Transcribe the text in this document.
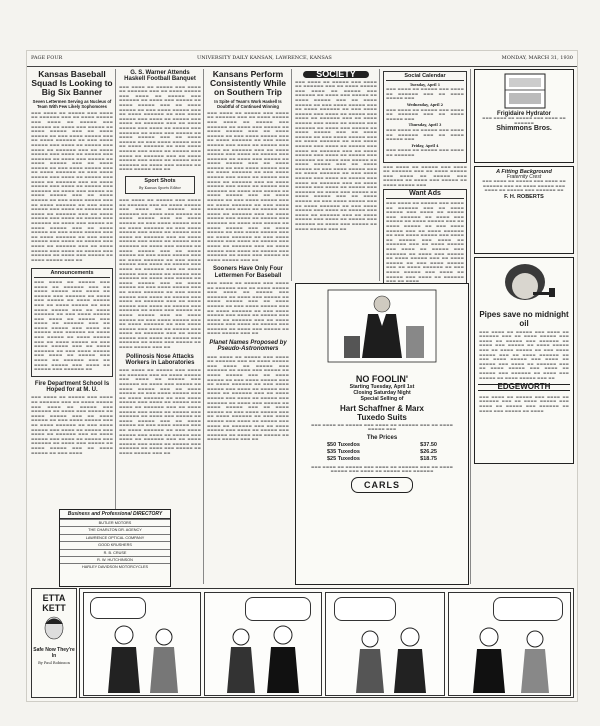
PAGE FOUR	UNIVERSITY DAILY KANSAN, LAWRENCE, KANSAS	MONDAY, MARCH 31, 1930
Kansas Baseball Squad Is Looking to Big Six Banner
Seven Lettermen Serving as Nucleus of Team With Few Likely Sophomores

▬▬▬ ▬▬▬▬ ▬▬ ▬▬▬▬▬ ▬▬▬ ▬▬▬▬ ▬▬ ▬▬▬▬▬▬ ▬▬▬ ▬▬ ▬▬▬▬ ▬▬▬▬▬ ▬▬▬ ▬▬▬▬ ▬▬ ▬▬▬▬▬ ▬▬▬ ▬▬▬▬▬▬ ▬▬ ▬▬▬▬ ▬▬▬ ▬▬▬▬▬ ▬▬ ▬▬▬▬ ▬▬▬▬▬ ▬▬▬ ▬▬ ▬▬▬▬ ▬▬▬▬▬ ▬▬ ▬▬▬ ▬▬▬▬ ▬▬▬▬▬ ▬▬▬ ▬▬ ▬▬▬▬ ▬▬▬▬▬▬ ▬▬ ▬▬▬ ▬▬▬▬ ▬▬▬▬▬ ▬▬▬ ▬▬▬▬ ▬▬ ▬▬▬▬▬ ▬▬▬ ▬▬▬▬ ▬▬ ▬▬▬▬▬▬ ▬▬▬ ▬▬ ▬▬▬▬ ▬▬▬▬▬ ▬▬▬ ▬▬▬▬ ▬▬ ▬▬▬▬▬ ▬▬▬ ▬▬▬▬▬▬ ▬▬ ▬▬▬▬ ▬▬▬ ▬▬▬▬▬ ▬▬ ▬▬▬▬ ▬▬▬▬▬ ▬▬▬ ▬▬ ▬▬▬▬ ▬▬▬▬▬ ▬▬ ▬▬▬ ▬▬▬▬ ▬▬▬▬▬ ▬▬▬ ▬▬ ▬▬▬▬ ▬▬▬▬▬▬ ▬▬ ▬▬▬ ▬▬▬▬ ▬▬▬▬▬ ▬▬▬ ▬▬▬▬ ▬▬ ▬▬▬▬▬ ▬▬▬ ▬▬▬▬ ▬▬ ▬▬▬▬▬▬ ▬▬▬ ▬▬ ▬▬▬▬ ▬▬▬▬▬ ▬▬▬ ▬▬▬▬ ▬▬ ▬▬▬▬▬ ▬▬▬ ▬▬▬▬▬▬ ▬▬ ▬▬▬▬ ▬▬▬ ▬▬▬▬▬ ▬▬ ▬▬▬▬ ▬▬▬▬▬ ▬▬▬ ▬▬ ▬▬▬▬ ▬▬▬▬▬ ▬▬ ▬▬▬ ▬▬▬▬ ▬▬▬▬▬ ▬▬▬ ▬▬ ▬▬▬▬ ▬▬▬▬▬▬ ▬▬ ▬▬▬ ▬▬▬▬ ▬▬▬▬▬ ▬▬▬ ▬▬▬▬ ▬▬ ▬▬▬▬▬ ▬▬▬ ▬▬▬▬ ▬▬ ▬▬▬▬▬▬ ▬▬▬ ▬▬ ▬▬▬▬ ▬▬▬▬▬ ▬▬▬ ▬▬▬▬ ▬▬ ▬▬▬▬▬ ▬▬▬ ▬▬▬▬▬▬ ▬▬ ▬▬▬▬ ▬▬▬ ▬▬▬▬▬ ▬▬ ▬▬▬▬ ▬▬▬▬▬ ▬▬▬ ▬▬ ▬▬▬▬ ▬▬▬▬▬ ▬▬ ▬▬▬ ▬▬▬▬ ▬▬▬▬▬ ▬▬▬ ▬▬ ▬▬▬▬ ▬▬▬▬▬▬ ▬▬ ▬▬▬ ▬▬▬▬ ▬▬▬▬▬ ▬▬▬ ▬▬▬▬ ▬▬ ▬▬▬▬▬ ▬▬▬ ▬▬▬▬ ▬▬ ▬▬▬▬▬▬ ▬▬▬ ▬▬ ▬▬▬▬ ▬▬▬▬▬ ▬▬▬ ▬▬▬▬ ▬▬ ▬▬▬▬▬ ▬▬▬ ▬▬▬▬▬▬ ▬▬ ▬▬▬▬ ▬▬▬ ▬▬▬▬▬ ▬▬ ▬▬▬▬ ▬▬▬▬▬ ▬▬▬ ▬▬

Announcements

▬▬▬ ▬▬▬▬ ▬▬ ▬▬▬▬▬ ▬▬▬ ▬▬▬▬ ▬▬ ▬▬▬▬▬▬ ▬▬▬ ▬▬ ▬▬▬▬ ▬▬▬▬▬ ▬▬▬ ▬▬▬▬ ▬▬ ▬▬▬▬▬ ▬▬▬ ▬▬▬▬▬▬ ▬▬ ▬▬▬▬ ▬▬▬ ▬▬▬▬▬ ▬▬ ▬▬▬▬ ▬▬▬▬▬ ▬▬▬ ▬▬ ▬▬▬▬ ▬▬▬▬▬ ▬▬ ▬▬▬ ▬▬▬▬ ▬▬▬▬▬ ▬▬▬ ▬▬ ▬▬▬▬ ▬▬▬▬▬▬ ▬▬ ▬▬▬ ▬▬▬▬ ▬▬▬▬▬ ▬▬▬ ▬▬▬▬ ▬▬ ▬▬▬▬▬ ▬▬▬ ▬▬▬▬ ▬▬ ▬▬▬▬▬▬ ▬▬▬ ▬▬ ▬▬▬▬ ▬▬▬▬▬ ▬▬▬ ▬▬▬▬ ▬▬ ▬▬▬▬▬ ▬▬▬ ▬▬▬▬▬▬ ▬▬ ▬▬▬▬ ▬▬▬ ▬▬▬▬▬ ▬▬ ▬▬▬▬ ▬▬▬▬▬ ▬▬▬ ▬▬ ▬▬▬▬ ▬▬▬▬▬ ▬▬ ▬▬▬ ▬▬▬▬ ▬▬▬▬▬ ▬▬▬ ▬▬ ▬▬▬▬ ▬▬▬▬▬▬ ▬▬ ▬▬▬ ▬▬▬▬ ▬▬▬▬▬ ▬▬▬ ▬▬▬▬ ▬▬ ▬▬▬▬▬ ▬▬▬ ▬▬▬▬ ▬▬ ▬▬▬▬▬▬ ▬▬▬ ▬▬ ▬▬▬▬ ▬▬▬▬▬ ▬▬▬ ▬▬▬▬ ▬▬ ▬▬▬▬▬ ▬▬▬ ▬▬▬▬▬▬ ▬▬

Fire Department School Is Hoped for at M. U.

▬▬▬ ▬▬▬▬ ▬▬ ▬▬▬▬▬ ▬▬▬ ▬▬▬▬ ▬▬ ▬▬▬▬▬▬ ▬▬▬ ▬▬ ▬▬▬▬ ▬▬▬▬▬ ▬▬▬ ▬▬▬▬ ▬▬ ▬▬▬▬▬ ▬▬▬ ▬▬▬▬▬▬ ▬▬ ▬▬▬▬ ▬▬▬ ▬▬▬▬▬ ▬▬ ▬▬▬▬ ▬▬▬▬▬ ▬▬▬ ▬▬ ▬▬▬▬ ▬▬▬▬▬ ▬▬ ▬▬▬ ▬▬▬▬ ▬▬▬▬▬ ▬▬▬ ▬▬ ▬▬▬▬ ▬▬▬▬▬▬ ▬▬ ▬▬▬ ▬▬▬▬ ▬▬▬▬▬ ▬▬▬ ▬▬▬▬ ▬▬ ▬▬▬▬▬ ▬▬▬ ▬▬▬▬ ▬▬ ▬▬▬▬▬▬ ▬▬▬ ▬▬ ▬▬▬▬ ▬▬▬▬▬ ▬▬▬ ▬▬▬▬ ▬▬ ▬▬▬▬▬ ▬▬▬ ▬▬▬▬▬▬ ▬▬ ▬▬▬▬ ▬▬▬ ▬▬▬▬▬ ▬▬ ▬▬▬▬ ▬▬▬▬▬ ▬▬▬ ▬▬ ▬▬▬▬ ▬▬▬▬▬ ▬▬ ▬▬▬ ▬▬▬▬

G. S. Warner Attends Haskell Football Banquet

▬▬▬ ▬▬▬▬ ▬▬ ▬▬▬▬▬ ▬▬▬ ▬▬▬▬ ▬▬ ▬▬▬▬▬▬ ▬▬▬ ▬▬ ▬▬▬▬ ▬▬▬▬▬ ▬▬▬ ▬▬▬▬ ▬▬ ▬▬▬▬▬ ▬▬▬ ▬▬▬▬▬▬ ▬▬ ▬▬▬▬ ▬▬▬ ▬▬▬▬▬ ▬▬ ▬▬▬▬ ▬▬▬▬▬ ▬▬▬ ▬▬ ▬▬▬▬ ▬▬▬▬▬ ▬▬ ▬▬▬ ▬▬▬▬ ▬▬▬▬▬ ▬▬▬ ▬▬ ▬▬▬▬ ▬▬▬▬▬▬ ▬▬ ▬▬▬ ▬▬▬▬ ▬▬▬▬▬ ▬▬▬ ▬▬▬▬ ▬▬ ▬▬▬▬▬ ▬▬▬ ▬▬▬▬ ▬▬ ▬▬▬▬▬▬ ▬▬▬ ▬▬ ▬▬▬▬ ▬▬▬▬▬ ▬▬▬ ▬▬▬▬ ▬▬ ▬▬▬▬▬ ▬▬▬ ▬▬▬▬▬▬ ▬▬ ▬▬▬▬ ▬▬▬ ▬▬▬▬▬ ▬▬ ▬▬▬▬ ▬▬▬▬▬ ▬▬▬ ▬▬ ▬▬▬▬ ▬▬▬▬▬ ▬▬ ▬▬▬ ▬▬▬▬ ▬▬▬▬▬ ▬▬▬ ▬▬ ▬▬▬▬ ▬▬▬▬▬▬ ▬▬ ▬▬▬ ▬▬▬▬ ▬▬▬▬▬ ▬▬▬ ▬▬▬▬ ▬▬ ▬▬▬▬▬ ▬▬▬ ▬▬▬▬ ▬▬ ▬▬▬▬▬▬ ▬▬▬ ▬▬ ▬▬▬▬ ▬▬▬▬▬ ▬▬▬ ▬▬▬▬ ▬▬ ▬▬▬▬▬ ▬▬▬ ▬▬▬▬▬▬ ▬▬ ▬▬▬▬ ▬▬▬ ▬▬▬▬▬ ▬▬ ▬▬▬▬ ▬▬▬▬▬ ▬▬▬ ▬▬

Sport Shots
By Kansas Sports Editor

▬▬▬ ▬▬▬▬ ▬▬ ▬▬▬▬▬ ▬▬▬ ▬▬▬▬ ▬▬ ▬▬▬▬▬▬ ▬▬▬ ▬▬ ▬▬▬▬ ▬▬▬▬▬ ▬▬▬ ▬▬▬▬ ▬▬ ▬▬▬▬▬ ▬▬▬ ▬▬▬▬▬▬ ▬▬ ▬▬▬▬ ▬▬▬ ▬▬▬▬▬ ▬▬ ▬▬▬▬ ▬▬▬▬▬ ▬▬▬ ▬▬ ▬▬▬▬ ▬▬▬▬▬ ▬▬ ▬▬▬ ▬▬▬▬ ▬▬▬▬▬ ▬▬▬ ▬▬ ▬▬▬▬ ▬▬▬▬▬▬ ▬▬ ▬▬▬ ▬▬▬▬ ▬▬▬▬▬ ▬▬▬ ▬▬▬▬ ▬▬ ▬▬▬▬▬ ▬▬▬ ▬▬▬▬ ▬▬ ▬▬▬▬▬▬ ▬▬▬ ▬▬ ▬▬▬▬ ▬▬▬▬▬ ▬▬▬ ▬▬▬▬ ▬▬ ▬▬▬▬▬ ▬▬▬ ▬▬▬▬▬▬ ▬▬ ▬▬▬▬ ▬▬▬ ▬▬▬▬▬ ▬▬ ▬▬▬▬ ▬▬▬▬▬ ▬▬▬ ▬▬ ▬▬▬▬ ▬▬▬▬▬ ▬▬ ▬▬▬ ▬▬▬▬ ▬▬▬▬▬ ▬▬▬ ▬▬ ▬▬▬▬ ▬▬▬▬▬▬ ▬▬ ▬▬▬ ▬▬▬▬ ▬▬▬▬▬ ▬▬▬ ▬▬▬▬ ▬▬ ▬▬▬▬▬ ▬▬▬ ▬▬▬▬ ▬▬ ▬▬▬▬▬▬ ▬▬▬ ▬▬ ▬▬▬▬ ▬▬▬▬▬ ▬▬▬ ▬▬▬▬ ▬▬ ▬▬▬▬▬ ▬▬▬ ▬▬▬▬▬▬ ▬▬ ▬▬▬▬ ▬▬▬ ▬▬▬▬▬ ▬▬ ▬▬▬▬ ▬▬▬▬▬ ▬▬▬ ▬▬ ▬▬▬▬ ▬▬▬▬▬ ▬▬ ▬▬▬ ▬▬▬▬ ▬▬▬▬▬ ▬▬▬ ▬▬ ▬▬▬▬ ▬▬▬▬▬▬ ▬▬ ▬▬▬ ▬▬▬▬ ▬▬▬▬▬ ▬▬▬ ▬▬▬▬ ▬▬ ▬▬▬▬▬ ▬▬▬ ▬▬▬▬ ▬▬ ▬▬▬▬▬▬ ▬▬▬ ▬▬ ▬▬▬▬ ▬▬▬▬▬ ▬▬▬ ▬▬▬▬ ▬▬ ▬▬▬▬▬ ▬▬▬ ▬▬▬▬▬▬ ▬▬ ▬▬▬▬ ▬▬▬ ▬▬▬▬▬ ▬▬ ▬▬▬▬ ▬▬▬▬▬ ▬▬▬ ▬▬ ▬▬▬▬ ▬▬▬▬▬ ▬▬ ▬▬▬ ▬▬▬▬ ▬▬▬▬▬ ▬▬▬ ▬▬ ▬▬▬▬ ▬▬▬▬▬▬ ▬▬ ▬▬▬ ▬▬▬▬ ▬▬▬▬▬ ▬▬▬ ▬▬▬▬ ▬▬ ▬▬▬▬▬ ▬▬▬ ▬▬▬▬ ▬▬ ▬▬▬▬▬▬ ▬▬▬ ▬▬ ▬▬▬▬ ▬▬▬▬▬ ▬▬▬ ▬▬▬▬ ▬▬ ▬▬▬▬▬ ▬▬▬ ▬▬▬▬▬▬ ▬▬ ▬▬▬▬ ▬▬▬ ▬▬▬▬▬ ▬▬ ▬▬▬▬ ▬▬▬▬▬ ▬▬▬ ▬▬

Pollinosis Nose Attacks Workers in Laboratories

▬▬▬ ▬▬▬▬ ▬▬ ▬▬▬▬▬ ▬▬▬ ▬▬▬▬ ▬▬ ▬▬▬▬▬▬ ▬▬▬ ▬▬ ▬▬▬▬ ▬▬▬▬▬ ▬▬▬ ▬▬▬▬ ▬▬ ▬▬▬▬▬ ▬▬▬ ▬▬▬▬▬▬ ▬▬ ▬▬▬▬ ▬▬▬ ▬▬▬▬▬ ▬▬ ▬▬▬▬ ▬▬▬▬▬ ▬▬▬ ▬▬ ▬▬▬▬ ▬▬▬▬▬ ▬▬ ▬▬▬ ▬▬▬▬ ▬▬▬▬▬ ▬▬▬ ▬▬ ▬▬▬▬ ▬▬▬▬▬▬ ▬▬ ▬▬▬ ▬▬▬▬ ▬▬▬▬▬ ▬▬▬ ▬▬▬▬ ▬▬ ▬▬▬▬▬ ▬▬▬ ▬▬▬▬ ▬▬ ▬▬▬▬▬▬ ▬▬▬ ▬▬ ▬▬▬▬ ▬▬▬▬▬ ▬▬▬ ▬▬▬▬ ▬▬ ▬▬▬▬▬ ▬▬▬ ▬▬▬▬▬▬ ▬▬ ▬▬▬▬ ▬▬▬ ▬▬▬▬▬ ▬▬ ▬▬▬▬ ▬▬▬▬▬ ▬▬▬ ▬▬ ▬▬▬▬ ▬▬▬▬▬ ▬▬ ▬▬▬ ▬▬▬▬ ▬▬▬▬▬ ▬▬▬ ▬▬ ▬▬▬▬ ▬▬▬▬▬▬ ▬▬ ▬▬▬ ▬▬▬▬ ▬▬▬▬▬ ▬▬▬ ▬▬▬▬ ▬▬ ▬▬▬▬▬ ▬▬▬ ▬▬▬▬ ▬▬ ▬▬▬▬▬▬ ▬▬▬ ▬▬ ▬▬▬▬ ▬▬▬▬▬ ▬▬▬ ▬▬▬▬ ▬▬ ▬▬▬▬▬ ▬▬▬ ▬▬▬▬▬▬ ▬▬ ▬▬▬▬ ▬▬▬ ▬▬▬▬▬ ▬▬ ▬▬▬▬ ▬▬▬▬▬ ▬▬▬ ▬▬

Business and Professional DIRECTORY
BUTLER MOTORS
THE CHARLTON DR. AGENCY
LAWRENCE OPTICAL COMPANY
GOOD KRUSHERS
R. B. CRUSE
R. W. HUTCHINSON
HARLEY DAVIDSON MOTORCYCLES
Kansans Perform Consistently While on Southern Trip
In Spite of Team's Work Haskell Is Doubtful of Continued Winning

▬▬▬ ▬▬▬▬ ▬▬ ▬▬▬▬▬ ▬▬▬ ▬▬▬▬ ▬▬ ▬▬▬▬▬▬ ▬▬▬ ▬▬ ▬▬▬▬ ▬▬▬▬▬ ▬▬▬ ▬▬▬▬ ▬▬ ▬▬▬▬▬ ▬▬▬ ▬▬▬▬▬▬ ▬▬ ▬▬▬▬ ▬▬▬ ▬▬▬▬▬ ▬▬ ▬▬▬▬ ▬▬▬▬▬ ▬▬▬ ▬▬ ▬▬▬▬ ▬▬▬▬▬ ▬▬ ▬▬▬ ▬▬▬▬ ▬▬▬▬▬ ▬▬▬ ▬▬ ▬▬▬▬ ▬▬▬▬▬▬ ▬▬ ▬▬▬ ▬▬▬▬ ▬▬▬▬▬ ▬▬▬ ▬▬▬▬ ▬▬ ▬▬▬▬▬ ▬▬▬ ▬▬▬▬ ▬▬ ▬▬▬▬▬▬ ▬▬▬ ▬▬ ▬▬▬▬ ▬▬▬▬▬ ▬▬▬ ▬▬▬▬ ▬▬ ▬▬▬▬▬ ▬▬▬ ▬▬▬▬▬▬ ▬▬ ▬▬▬▬ ▬▬▬ ▬▬▬▬▬ ▬▬ ▬▬▬▬ ▬▬▬▬▬ ▬▬▬ ▬▬ ▬▬▬▬ ▬▬▬▬▬ ▬▬ ▬▬▬ ▬▬▬▬ ▬▬▬▬▬ ▬▬▬ ▬▬ ▬▬▬▬ ▬▬▬▬▬▬ ▬▬ ▬▬▬ ▬▬▬▬ ▬▬▬▬▬ ▬▬▬ ▬▬▬▬ ▬▬ ▬▬▬▬▬ ▬▬▬ ▬▬▬▬ ▬▬ ▬▬▬▬▬▬ ▬▬▬ ▬▬ ▬▬▬▬ ▬▬▬▬▬ ▬▬▬ ▬▬▬▬ ▬▬ ▬▬▬▬▬ ▬▬▬ ▬▬▬▬▬▬ ▬▬ ▬▬▬▬ ▬▬▬ ▬▬▬▬▬ ▬▬ ▬▬▬▬ ▬▬▬▬▬ ▬▬▬ ▬▬ ▬▬▬▬ ▬▬▬▬▬ ▬▬ ▬▬▬ ▬▬▬▬ ▬▬▬▬▬ ▬▬▬ ▬▬ ▬▬▬▬ ▬▬▬▬▬▬ ▬▬ ▬▬▬ ▬▬▬▬ ▬▬▬▬▬ ▬▬▬ ▬▬▬▬ ▬▬ ▬▬▬▬▬ ▬▬▬ ▬▬▬▬ ▬▬ ▬▬▬▬▬▬ ▬▬▬ ▬▬ ▬▬▬▬ ▬▬▬▬▬ ▬▬▬ ▬▬▬▬ ▬▬ ▬▬▬▬▬ ▬▬▬ ▬▬▬▬▬▬ ▬▬ ▬▬▬▬ ▬▬▬ ▬▬▬▬▬ ▬▬ ▬▬▬▬ ▬▬▬▬▬ ▬▬▬ ▬▬ ▬▬▬▬ ▬▬▬▬▬ ▬▬ ▬▬▬ ▬▬▬▬ ▬▬▬▬▬ ▬▬▬ ▬▬ ▬▬▬▬ ▬▬▬▬▬▬ ▬▬ ▬▬▬ ▬▬▬▬ ▬▬▬▬▬ ▬▬▬ ▬▬▬▬ ▬▬ ▬▬▬▬▬ ▬▬▬ ▬▬▬▬ ▬▬ ▬▬▬▬▬▬ ▬▬▬ ▬▬ ▬▬▬▬ ▬▬▬▬▬ ▬▬▬ ▬▬▬▬ ▬▬ ▬▬▬▬▬ ▬▬▬ ▬▬▬▬▬▬ ▬▬ ▬▬▬▬ ▬▬▬ ▬▬▬▬▬ ▬▬ ▬▬▬▬ ▬▬▬▬▬ ▬▬▬ ▬▬

Sooners Have Only Four Lettermen For Baseball

▬▬▬ ▬▬▬▬ ▬▬ ▬▬▬▬▬ ▬▬▬ ▬▬▬▬ ▬▬ ▬▬▬▬▬▬ ▬▬▬ ▬▬ ▬▬▬▬ ▬▬▬▬▬ ▬▬▬ ▬▬▬▬ ▬▬ ▬▬▬▬▬ ▬▬▬ ▬▬▬▬▬▬ ▬▬ ▬▬▬▬ ▬▬▬ ▬▬▬▬▬ ▬▬ ▬▬▬▬ ▬▬▬▬▬ ▬▬▬ ▬▬ ▬▬▬▬ ▬▬▬▬▬ ▬▬ ▬▬▬ ▬▬▬▬ ▬▬▬▬▬ ▬▬▬ ▬▬ ▬▬▬▬ ▬▬▬▬▬▬ ▬▬ ▬▬▬ ▬▬▬▬ ▬▬▬▬▬ ▬▬▬ ▬▬▬▬ ▬▬ ▬▬▬▬▬ ▬▬▬ ▬▬▬▬ ▬▬ ▬▬▬▬▬▬ ▬▬▬ ▬▬ ▬▬▬▬ ▬▬▬▬▬ ▬▬▬ ▬▬▬▬ ▬▬ ▬▬▬▬▬ ▬▬▬ ▬▬▬▬▬▬ ▬▬ ▬▬▬▬ ▬▬▬ ▬▬▬▬▬ ▬▬ ▬▬▬▬ ▬▬▬▬▬ ▬▬▬ ▬▬

Planet Names Proposed by Pseudo-Astronomers

▬▬▬ ▬▬▬▬ ▬▬ ▬▬▬▬▬ ▬▬▬ ▬▬▬▬ ▬▬ ▬▬▬▬▬▬ ▬▬▬ ▬▬ ▬▬▬▬ ▬▬▬▬▬ ▬▬▬ ▬▬▬▬ ▬▬ ▬▬▬▬▬ ▬▬▬ ▬▬▬▬▬▬ ▬▬ ▬▬▬▬ ▬▬▬ ▬▬▬▬▬ ▬▬ ▬▬▬▬ ▬▬▬▬▬ ▬▬▬ ▬▬ ▬▬▬▬ ▬▬▬▬▬ ▬▬ ▬▬▬ ▬▬▬▬ ▬▬▬▬▬ ▬▬▬ ▬▬ ▬▬▬▬ ▬▬▬▬▬▬ ▬▬ ▬▬▬ ▬▬▬▬ ▬▬▬▬▬ ▬▬▬ ▬▬▬▬ ▬▬ ▬▬▬▬▬ ▬▬▬ ▬▬▬▬ ▬▬ ▬▬▬▬▬▬ ▬▬▬ ▬▬ ▬▬▬▬ ▬▬▬▬▬ ▬▬▬ ▬▬▬▬ ▬▬ ▬▬▬▬▬ ▬▬▬ ▬▬▬▬▬▬ ▬▬ ▬▬▬▬ ▬▬▬ ▬▬▬▬▬ ▬▬ ▬▬▬▬ ▬▬▬▬▬ ▬▬▬ ▬▬ ▬▬▬▬ ▬▬▬▬▬ ▬▬ ▬▬▬ ▬▬▬▬ ▬▬▬▬▬ ▬▬▬ ▬▬ ▬▬▬▬ ▬▬▬▬▬▬ ▬▬ ▬▬▬ ▬▬▬▬ ▬▬▬▬▬ ▬▬▬ ▬▬▬▬ ▬▬ ▬▬▬▬▬ ▬▬▬ ▬▬▬▬ ▬▬ ▬▬▬▬▬▬ ▬▬▬ ▬▬ ▬▬▬▬ ▬▬▬▬▬ ▬▬▬ ▬▬▬▬ ▬▬ ▬▬▬▬▬ ▬▬▬ ▬▬▬▬▬▬ ▬▬ ▬▬▬▬ ▬▬▬ ▬▬▬▬▬ ▬▬ ▬▬▬▬ ▬▬▬▬▬ ▬▬▬ ▬▬

SOCIETY

▬▬▬ ▬▬▬▬ ▬▬ ▬▬▬▬▬ ▬▬▬ ▬▬▬▬ ▬▬ ▬▬▬▬▬▬ ▬▬▬ ▬▬ ▬▬▬▬ ▬▬▬▬▬ ▬▬▬ ▬▬▬▬ ▬▬ ▬▬▬▬▬ ▬▬▬ ▬▬▬▬▬▬ ▬▬ ▬▬▬▬ ▬▬▬ ▬▬▬▬▬ ▬▬ ▬▬▬▬ ▬▬▬▬▬ ▬▬▬ ▬▬ ▬▬▬▬ ▬▬▬▬▬ ▬▬ ▬▬▬ ▬▬▬▬ ▬▬▬▬▬ ▬▬▬ ▬▬ ▬▬▬▬ ▬▬▬▬▬▬ ▬▬ ▬▬▬ ▬▬▬▬ ▬▬▬▬▬ ▬▬▬ ▬▬▬▬ ▬▬ ▬▬▬▬▬ ▬▬▬ ▬▬▬▬ ▬▬ ▬▬▬▬▬▬ ▬▬▬ ▬▬ ▬▬▬▬ ▬▬▬▬▬ ▬▬▬ ▬▬▬▬ ▬▬ ▬▬▬▬▬ ▬▬▬ ▬▬▬▬▬▬ ▬▬ ▬▬▬▬ ▬▬▬ ▬▬▬▬▬ ▬▬ ▬▬▬▬ ▬▬▬▬▬ ▬▬▬ ▬▬ ▬▬▬▬ ▬▬▬▬▬ ▬▬ ▬▬▬ ▬▬▬▬ ▬▬▬▬▬ ▬▬▬ ▬▬ ▬▬▬▬ ▬▬▬▬▬▬ ▬▬ ▬▬▬ ▬▬▬▬ ▬▬▬▬▬ ▬▬▬ ▬▬▬▬ ▬▬ ▬▬▬▬▬ ▬▬▬ ▬▬▬▬ ▬▬ ▬▬▬▬▬▬ ▬▬▬ ▬▬ ▬▬▬▬ ▬▬▬▬▬ ▬▬▬ ▬▬▬▬ ▬▬ ▬▬▬▬▬ ▬▬▬ ▬▬▬▬▬▬ ▬▬ ▬▬▬▬ ▬▬▬ ▬▬▬▬▬ ▬▬ ▬▬▬▬ ▬▬▬▬▬ ▬▬▬ ▬▬ ▬▬▬▬ ▬▬▬▬▬ ▬▬ ▬▬▬ ▬▬▬▬ ▬▬▬▬▬ ▬▬▬ ▬▬ ▬▬▬▬ ▬▬▬▬▬▬ ▬▬ ▬▬▬ ▬▬▬▬ ▬▬▬▬▬ ▬▬▬ ▬▬▬▬ ▬▬ ▬▬▬▬▬ ▬▬▬ ▬▬▬▬ ▬▬ ▬▬▬▬▬▬ ▬▬▬ ▬▬ ▬▬▬▬ ▬▬▬▬▬ ▬▬▬ ▬▬▬▬ ▬▬ ▬▬▬▬▬ ▬▬▬ ▬▬▬▬▬▬ ▬▬ ▬▬▬▬ ▬▬▬ ▬▬▬▬▬ ▬▬ ▬▬▬▬ ▬▬▬▬▬ ▬▬▬ ▬▬ ▬▬▬▬ ▬▬▬▬▬ ▬▬ ▬▬▬ ▬▬▬▬ ▬▬▬▬▬ ▬▬▬ ▬▬ ▬▬▬▬ ▬▬▬▬▬▬ ▬▬ ▬▬▬ ▬▬▬▬ ▬▬▬▬▬ ▬▬▬ ▬▬▬▬ ▬▬ ▬▬▬▬▬ ▬▬▬ ▬▬▬▬ ▬▬ ▬▬▬▬▬▬ ▬▬▬ ▬▬ ▬▬▬▬ ▬▬▬▬▬ ▬▬▬ ▬▬▬▬ ▬▬ ▬▬▬▬▬ ▬▬▬ ▬▬▬▬▬▬ ▬▬ ▬▬▬▬ ▬▬▬ ▬▬▬▬▬ ▬▬ ▬▬▬▬ ▬▬▬▬▬ ▬▬▬ ▬▬

Social Calendar
Tuesday, April 1

▬▬▬ ▬▬▬▬ ▬▬ ▬▬▬▬▬ ▬▬▬ ▬▬▬▬ ▬▬ ▬▬▬▬▬▬ ▬▬▬ ▬▬ ▬▬▬▬ ▬▬▬▬▬ ▬▬▬

Wednesday, April 2

▬▬▬ ▬▬▬▬ ▬▬ ▬▬▬▬▬ ▬▬▬ ▬▬▬▬ ▬▬ ▬▬▬▬▬▬ ▬▬▬ ▬▬ ▬▬▬▬ ▬▬▬▬▬ ▬▬▬

Thursday, April 3

▬▬▬ ▬▬▬▬ ▬▬ ▬▬▬▬▬ ▬▬▬ ▬▬▬▬ ▬▬ ▬▬▬▬▬▬ ▬▬▬ ▬▬ ▬▬▬▬ ▬▬▬▬▬ ▬▬▬

Friday, April 4

▬▬▬ ▬▬▬▬ ▬▬ ▬▬▬▬▬ ▬▬▬ ▬▬▬▬ ▬▬ ▬▬▬▬▬▬

▬▬▬ ▬▬▬▬ ▬▬ ▬▬▬▬▬ ▬▬▬ ▬▬▬▬ ▬▬ ▬▬▬▬▬▬ ▬▬▬ ▬▬ ▬▬▬▬ ▬▬▬▬▬ ▬▬▬ ▬▬▬▬ ▬▬ ▬▬▬▬▬ ▬▬▬ ▬▬▬▬▬▬ ▬▬ ▬▬▬▬ ▬▬▬ ▬▬▬▬▬ ▬▬ ▬▬▬▬ ▬▬▬▬▬ ▬▬▬

Want Ads

▬▬▬ ▬▬▬▬ ▬▬ ▬▬▬▬▬ ▬▬▬ ▬▬▬▬ ▬▬ ▬▬▬▬▬▬ ▬▬▬ ▬▬ ▬▬▬▬ ▬▬▬▬▬ ▬▬▬ ▬▬▬▬ ▬▬ ▬▬▬▬▬ ▬▬▬ ▬▬▬▬▬▬ ▬▬ ▬▬▬▬ ▬▬▬ ▬▬▬▬▬ ▬▬ ▬▬▬▬ ▬▬▬▬▬ ▬▬▬ ▬▬ ▬▬▬▬ ▬▬▬▬▬ ▬▬ ▬▬▬ ▬▬▬▬ ▬▬▬▬▬ ▬▬▬ ▬▬ ▬▬▬▬ ▬▬▬▬▬▬ ▬▬ ▬▬▬ ▬▬▬▬ ▬▬▬▬▬ ▬▬▬ ▬▬▬▬ ▬▬ ▬▬▬▬▬ ▬▬▬ ▬▬▬▬ ▬▬ ▬▬▬▬▬▬ ▬▬▬ ▬▬ ▬▬▬▬ ▬▬▬▬▬ ▬▬▬ ▬▬▬▬ ▬▬ ▬▬▬▬▬ ▬▬▬ ▬▬▬▬▬▬ ▬▬ ▬▬▬▬ ▬▬▬ ▬▬▬▬▬ ▬▬ ▬▬▬▬ ▬▬▬▬▬ ▬▬▬ ▬▬ ▬▬▬▬ ▬▬▬▬▬ ▬▬ ▬▬▬ ▬▬▬▬ ▬▬▬▬▬ ▬▬▬ ▬▬ ▬▬▬▬ ▬▬▬▬▬▬ ▬▬ ▬▬▬ ▬▬▬▬ ▬▬▬▬▬ ▬▬▬ ▬▬▬▬ ▬▬ ▬▬▬▬▬ ▬▬▬ ▬▬▬▬ ▬▬ ▬▬▬▬▬▬ ▬▬▬ ▬▬ ▬▬▬▬

Frigidaire Hydrator

▬▬▬ ▬▬▬▬ ▬▬ ▬▬▬▬▬ ▬▬▬ ▬▬▬▬ ▬▬ ▬▬▬▬▬▬

Shimmons Bros.
A Fitting Background
Fraternity Crest

▬▬▬ ▬▬▬▬ ▬▬ ▬▬▬▬▬ ▬▬▬ ▬▬▬▬ ▬▬ ▬▬▬▬▬▬ ▬▬▬ ▬▬ ▬▬▬▬ ▬▬▬▬▬ ▬▬▬ ▬▬▬▬ ▬▬ ▬▬▬▬▬ ▬▬▬ ▬▬▬▬▬▬ ▬▬

F. H. ROBERTS
Pipes save no midnight oil

▬▬▬ ▬▬▬▬ ▬▬ ▬▬▬▬▬ ▬▬▬ ▬▬▬▬ ▬▬ ▬▬▬▬▬▬ ▬▬▬ ▬▬ ▬▬▬▬ ▬▬▬▬▬ ▬▬▬ ▬▬▬▬ ▬▬ ▬▬▬▬▬ ▬▬▬ ▬▬▬▬▬▬ ▬▬ ▬▬▬▬ ▬▬▬ ▬▬▬▬▬ ▬▬ ▬▬▬▬ ▬▬▬▬▬ ▬▬▬ ▬▬ ▬▬▬▬ ▬▬▬▬▬ ▬▬ ▬▬▬ ▬▬▬▬ ▬▬▬▬▬ ▬▬▬ ▬▬ ▬▬▬▬ ▬▬▬▬▬▬ ▬▬ ▬▬▬ ▬▬▬▬ ▬▬▬▬▬ ▬▬▬ ▬▬▬▬ ▬▬ ▬▬▬▬▬ ▬▬▬ ▬▬▬▬ ▬▬ ▬▬▬▬▬▬ ▬▬▬ ▬▬ ▬▬▬▬ ▬▬▬▬▬ ▬▬▬ ▬▬▬▬ ▬▬ ▬▬▬▬▬ ▬▬▬ ▬▬▬▬▬▬ ▬▬ ▬▬▬▬ ▬▬▬ ▬▬▬▬▬ ▬▬ ▬▬▬▬ ▬▬▬▬▬ ▬▬▬ ▬▬

EDGEWORTH

▬▬▬ ▬▬▬▬ ▬▬ ▬▬▬▬▬ ▬▬▬ ▬▬▬▬ ▬▬ ▬▬▬▬▬▬ ▬▬▬ ▬▬ ▬▬▬▬ ▬▬▬▬▬ ▬▬▬ ▬▬▬▬ ▬▬ ▬▬▬▬▬ ▬▬▬ ▬▬▬▬▬▬ ▬▬ ▬▬▬▬ ▬▬▬ ▬▬▬▬▬ ▬▬ ▬▬▬▬

NO FOOLIN'
Starting Tuesday, April 1st
Closing Saturday Night
Special Selling of
Hart Schaffner & Marx
Tuxedo Suits

▬▬▬ ▬▬▬▬ ▬▬ ▬▬▬▬▬ ▬▬▬ ▬▬▬▬ ▬▬ ▬▬▬▬▬▬ ▬▬▬ ▬▬ ▬▬▬▬ ▬▬▬▬▬ ▬▬▬

The Prices
$50 Tuxedos	$37.50
$35 Tuxedos	$26.25
$25 Tuxedos	$18.75

▬▬▬ ▬▬▬▬ ▬▬ ▬▬▬▬▬ ▬▬▬ ▬▬▬▬ ▬▬ ▬▬▬▬▬▬ ▬▬▬ ▬▬ ▬▬▬▬ ▬▬▬▬▬ ▬▬▬ ▬▬▬▬ ▬▬ ▬▬▬▬▬ ▬▬▬ ▬▬▬▬▬▬

CARLS
ETTA KETT
Safe Now They're In
By Paul Robinson
